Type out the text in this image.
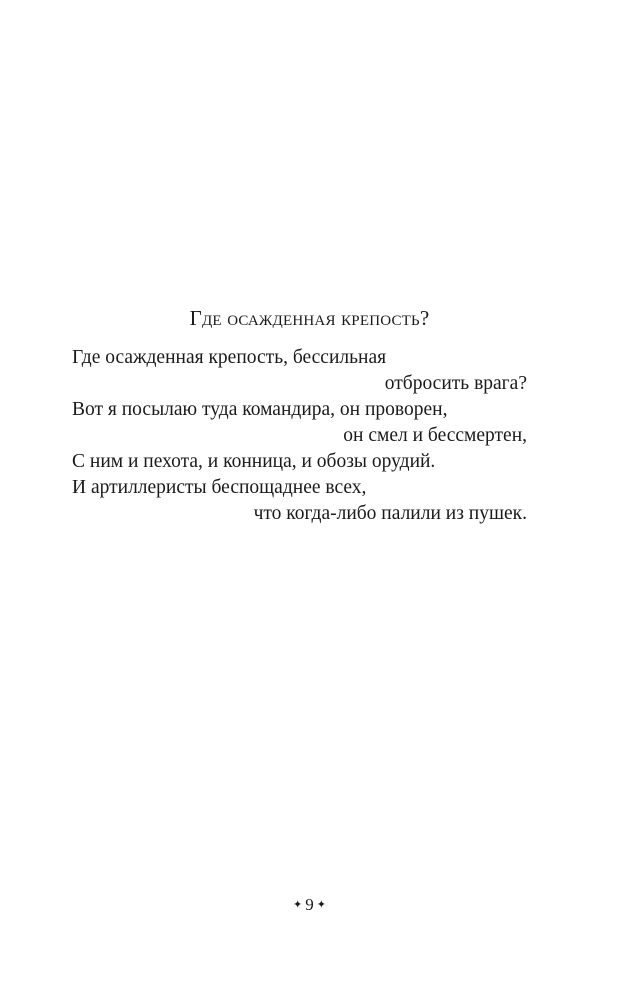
Где осажденная крепость?
Где осажденная крепость, бессильная
отбросить врага?
Вот я посылаю туда командира, он проворен,
он смел и бессмертен,
С ним и пехота, и конница, и обозы орудий.
И артиллеристы беспощаднее всех,
что когда-либо палили из пушек.
✦ 9 ✦
